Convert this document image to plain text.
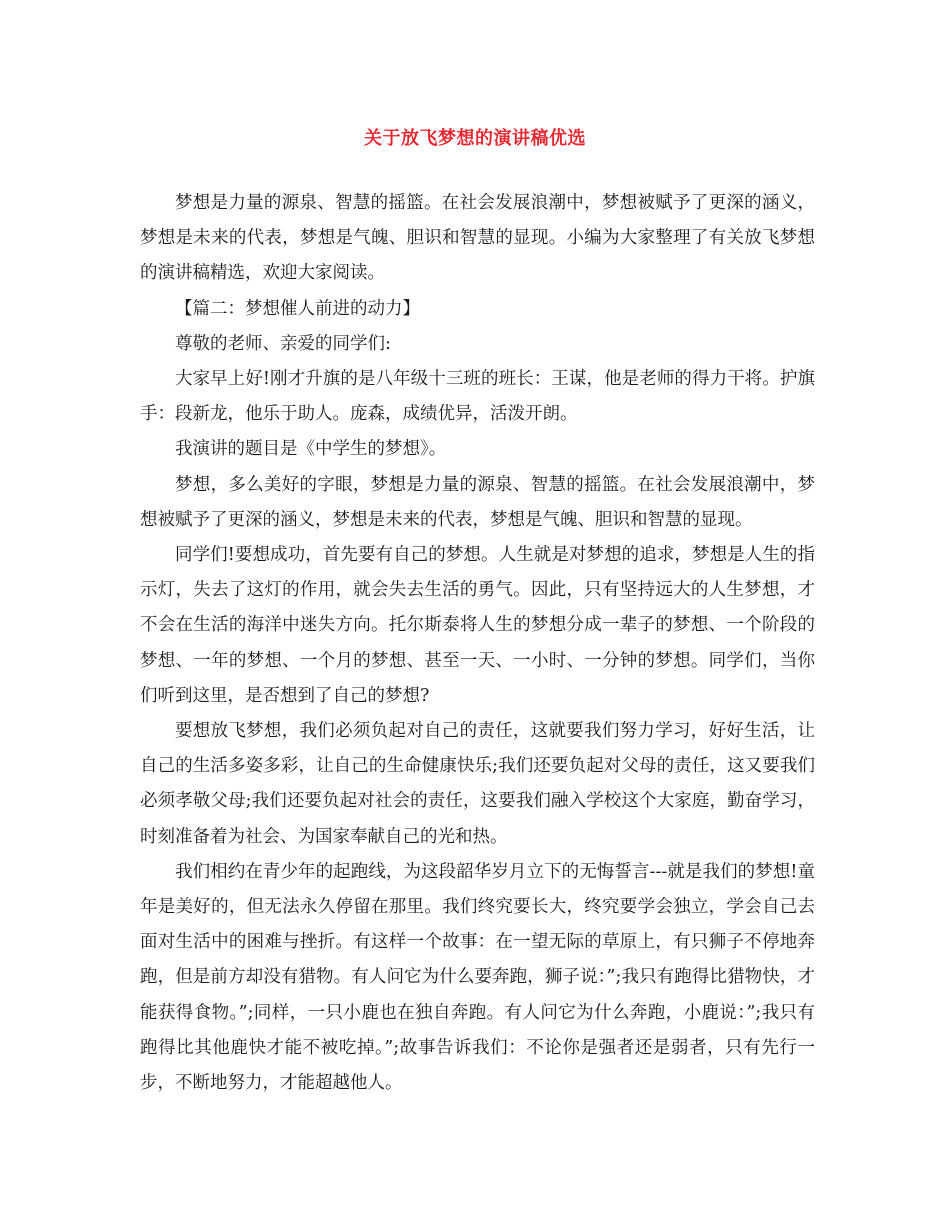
关于放飞梦想的演讲稿优选

梦想是力量的源泉、智慧的摇篮。在社会发展浪潮中，梦想被赋予了更深的涵义，梦想是未来的代表，梦想是气魄、胆识和智慧的显现。小编为大家整理了有关放飞梦想的演讲稿精选，欢迎大家阅读。

【篇二：梦想催人前进的动力】

尊敬的老师、亲爱的同学们:

大家早上好!刚才升旗的是八年级十三班的班长：王谋，他是老师的得力干将。护旗手：段新龙，他乐于助人。庞森，成绩优异，活泼开朗。

我演讲的题目是《中学生的梦想》。

梦想，多么美好的字眼，梦想是力量的源泉、智慧的摇篮。在社会发展浪潮中，梦想被赋予了更深的涵义，梦想是未来的代表，梦想是气魄、胆识和智慧的显现。

同学们!要想成功，首先要有自己的梦想。人生就是对梦想的追求，梦想是人生的指示灯，失去了这灯的作用，就会失去生活的勇气。因此，只有坚持远大的人生梦想，才不会在生活的海洋中迷失方向。托尔斯泰将人生的梦想分成一辈子的梦想、一个阶段的梦想、一年的梦想、一个月的梦想、甚至一天、一小时、一分钟的梦想。同学们，当你们听到这里，是否想到了自己的梦想?

要想放飞梦想，我们必须负起对自己的责任，这就要我们努力学习，好好生活，让自己的生活多姿多彩，让自己的生命健康快乐;我们还要负起对父母的责任，这又要我们必须孝敬父母;我们还要负起对社会的责任，这要我们融入学校这个大家庭，勤奋学习，时刻准备着为社会、为国家奉献自己的光和热。

我们相约在青少年的起跑线，为这段韶华岁月立下的无悔誓言---就是我们的梦想!童年是美好的，但无法永久停留在那里。我们终究要长大，终究要学会独立，学会自己去面对生活中的困难与挫折。有这样一个故事：在一望无际的草原上，有只狮子不停地奔跑，但是前方却没有猎物。有人问它为什么要奔跑，狮子说：”;我只有跑得比猎物快，才能获得食物。”;同样，一只小鹿也在独自奔跑。有人问它为什么奔跑，小鹿说：”;我只有跑得比其他鹿快才能不被吃掉。”;故事告诉我们：不论你是强者还是弱者，只有先行一步，不断地努力，才能超越他人。
